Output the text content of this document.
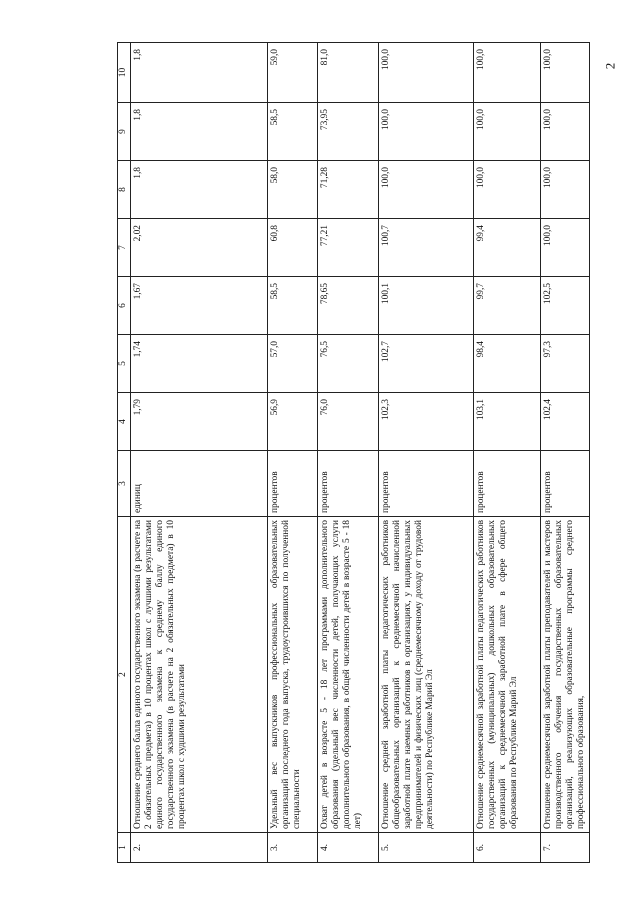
2
1	2	3	4	5	6	7	8	9	10
2.	Отношение среднего балла единого государственного экзамена (в расчете на 2 обязательных предмета) в 10 процентах школ с лучшими результатами единого государственного экзамена к среднему баллу единого государственного экзамена (в расчете на 2 обязательных предмета) в 10 процентах школ с худшими результатами	единиц	1,79	1,74	1,67	2,02	1,8	1,8	1,8
3.	Удельный вес выпускников профессиональных образовательных организаций последнего года выпуска, трудоустроившихся по полученной специальности	процентов	56,9	57,0	58,5	60,8	58,0	58,5	59,0
4.	Охват детей в возрасте 5 - 18 лет программами дополнительного образования (удельный вес численности детей, получающих услуги дополнительного образования, в общей численности детей в возрасте 5 - 18 лет)	процентов	76,0	76,5	78,65	77,21	71,28	73,95	81,0
5.	Отношение средней заработной платы педагогических работников общеобразовательных организаций к среднемесячной начисленной заработной плате наемных работников в организациях, у индивидуальных предпринимателей и физических лиц (среднемесячному доходу от трудовой деятельности) по Республике Марий Эл	процентов	102,3	102,7	100,1	100,7	100,0	100,0	100,0
6.	Отношение среднемесячной заработной платы педагогических работников государственных (муниципальных) дошкольных образовательных организаций к среднемесячной заработной плате в сфере общего образования по Республике Марий Эл	процентов	103,1	98,4	99,7	99,4	100,0	100,0	100,0
7.	Отношение среднемесячной заработной платы преподавателей и мастеров производственного обучения государственных образовательных организаций, реализующих образовательные программы среднего профессионального образования,	процентов	102,4	97,3	102,5	100,0	100,0	100,0	100,0
